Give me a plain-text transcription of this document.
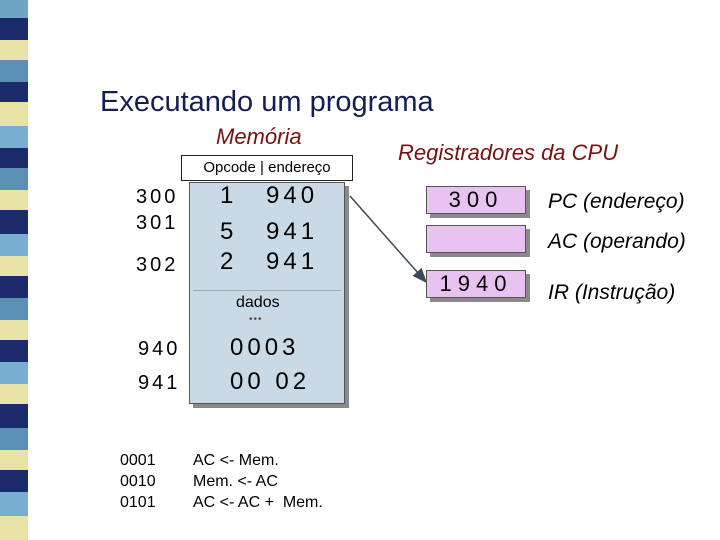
Executando um programa
Memória
Opcode | endereço
300 1 940
301 5 941
302 2 941
dados
•••
940 0003
941 00 02
Registradores da CPU
300	PC (endereço)
AC (operando)
1940	IR (Instrução)
0001
0010
0101
AC <- Mem.
Mem. <- AC
AC <- AC +  Mem.
